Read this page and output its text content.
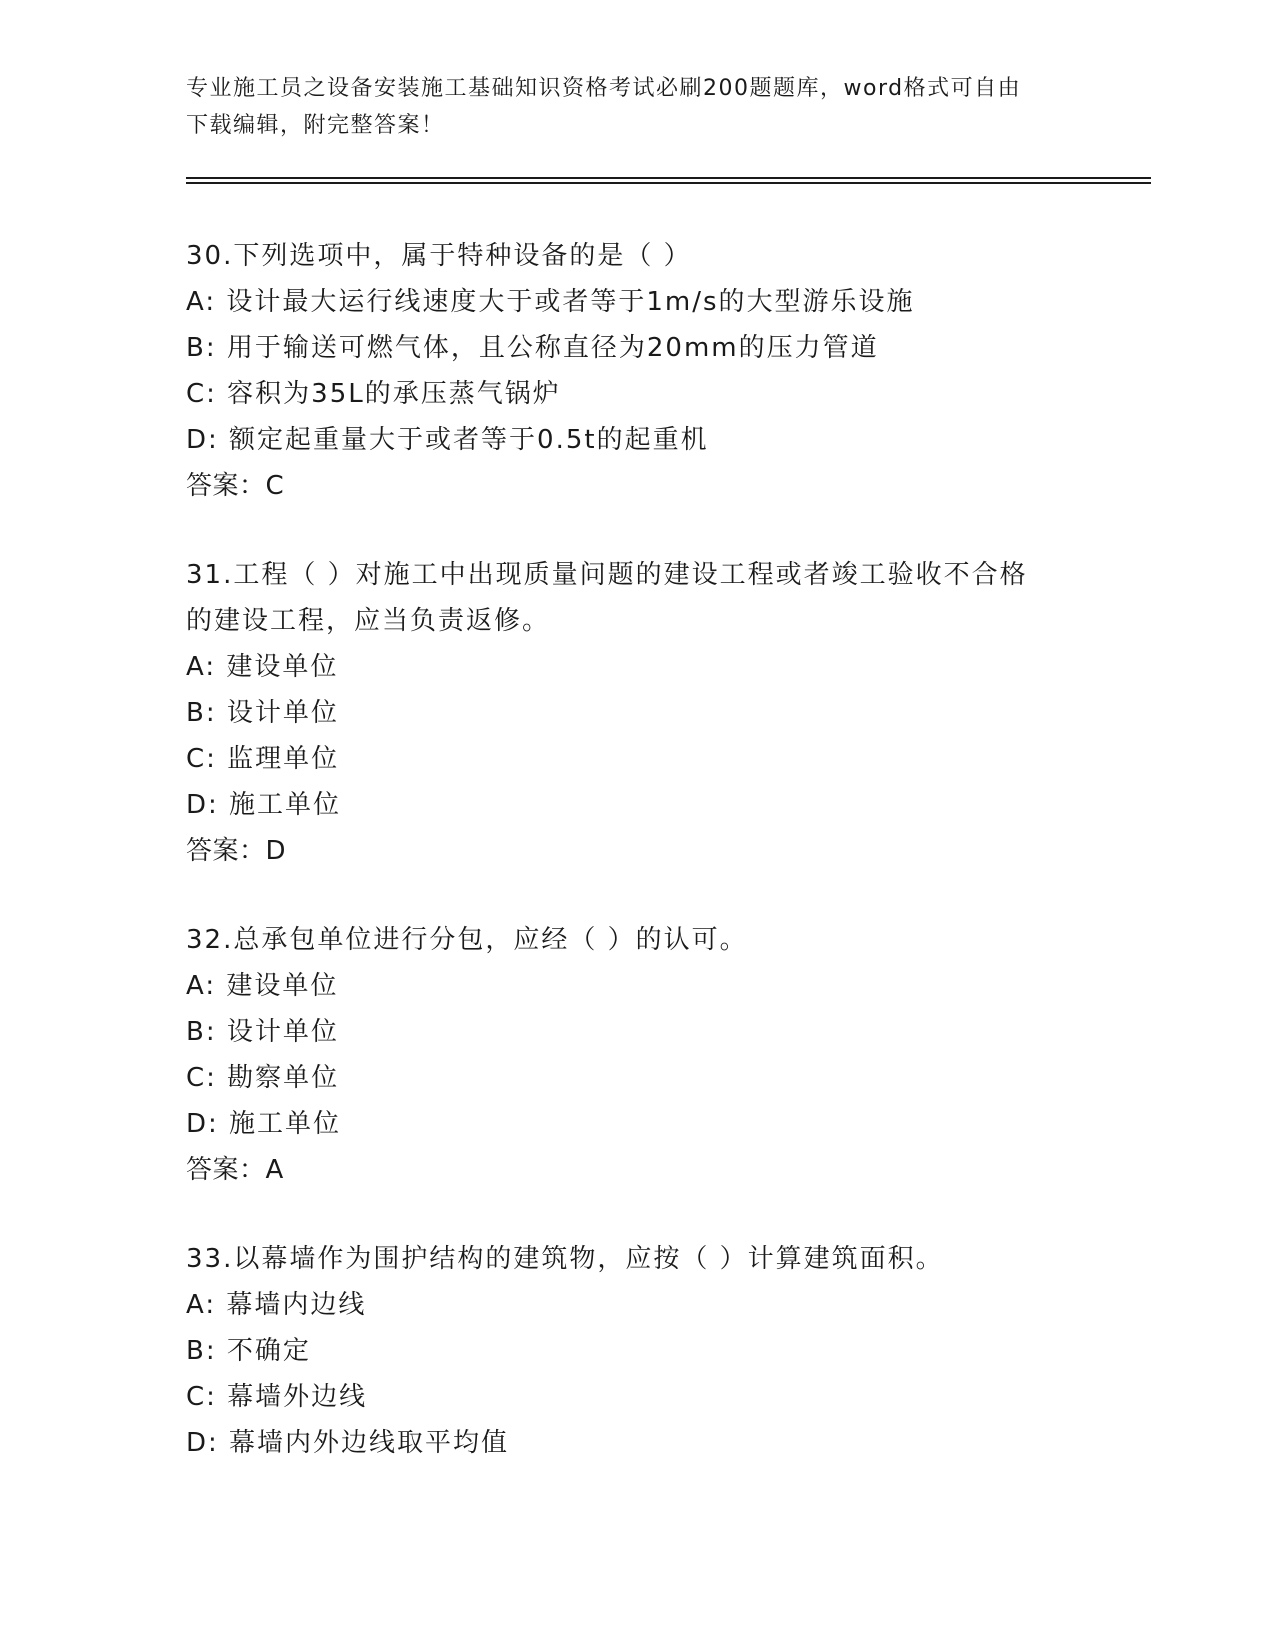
专业施工员之设备安装施工基础知识资格考试必刷200题题库，word格式可自由
下载编辑，附完整答案！
30.下列选项中，属于特种设备的是（ ）
A: 设计最大运行线速度大于或者等于1m/s的大型游乐设施
B: 用于输送可燃气体，且公称直径为20mm的压力管道
C: 容积为35L的承压蒸气锅炉
D: 额定起重量大于或者等于0.5t的起重机
答案：C
31.工程（ ）对施工中出现质量问题的建设工程或者竣工验收不合格
的建设工程，应当负责返修。
A: 建设单位
B: 设计单位
C: 监理单位
D: 施工单位
答案：D
32.总承包单位进行分包，应经（ ）的认可。
A: 建设单位
B: 设计单位
C: 勘察单位
D: 施工单位
答案：A
33.以幕墙作为围护结构的建筑物，应按（ ）计算建筑面积。
A: 幕墙内边线
B: 不确定
C: 幕墙外边线
D: 幕墙内外边线取平均值
